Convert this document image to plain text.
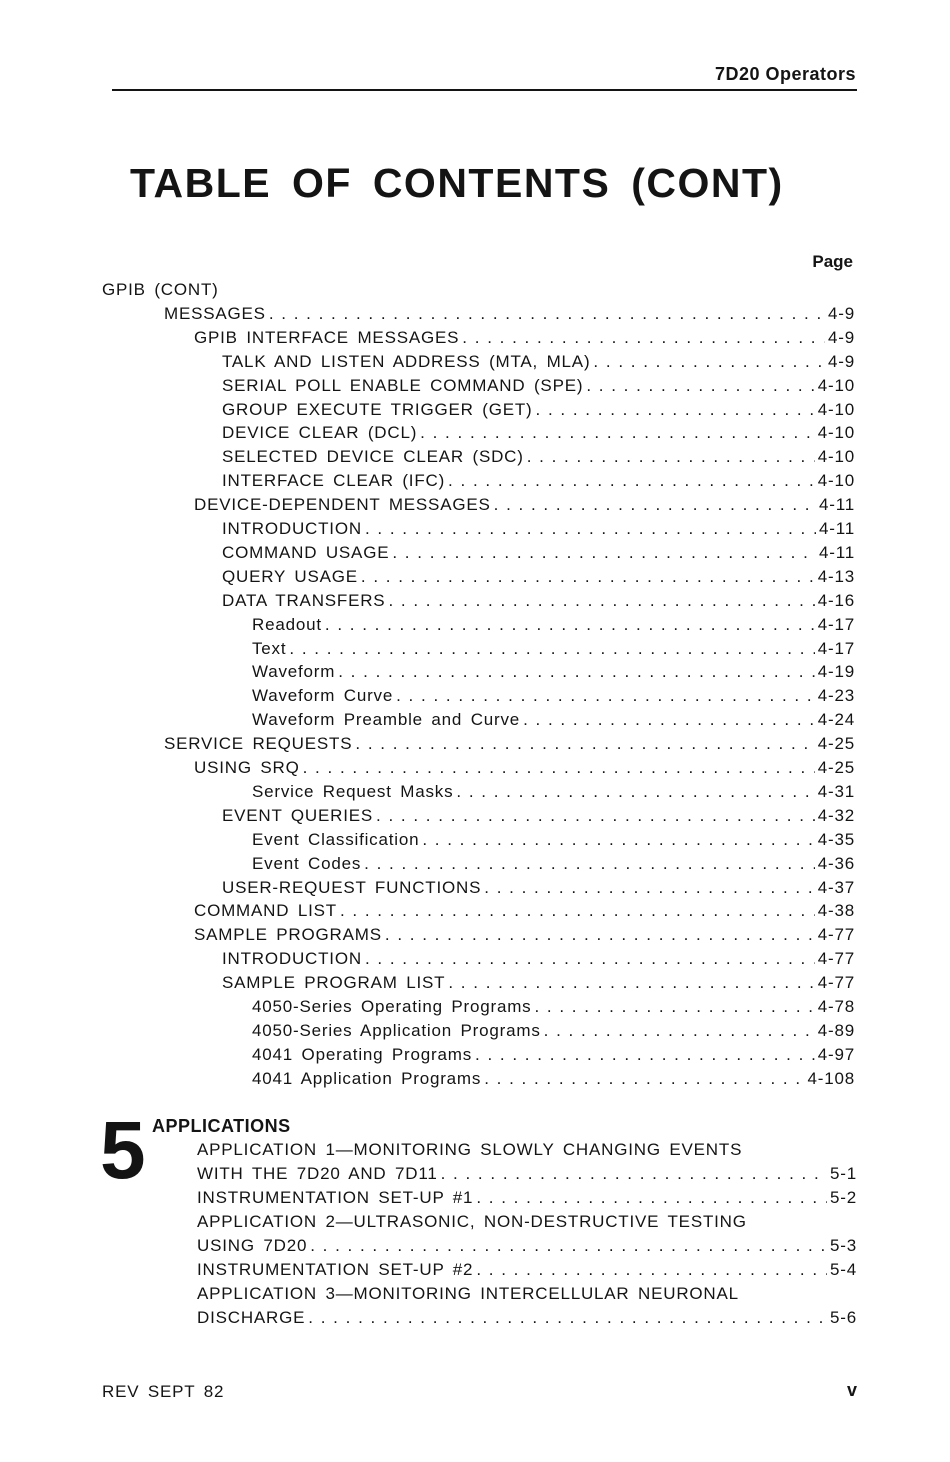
7D20 Operators
TABLE OF CONTENTS (CONT)
Page
GPIB (CONT)
MESSAGES . . .	4-9
GPIB INTERFACE MESSAGES . . .	4-9
TALK AND LISTEN ADDRESS (MTA, MLA) . . .	4-9
SERIAL POLL ENABLE COMMAND (SPE) . . .	4-10
GROUP EXECUTE TRIGGER (GET) . . .	4-10
DEVICE CLEAR (DCL) . . .	4-10
SELECTED DEVICE CLEAR (SDC) . . .	4-10
INTERFACE CLEAR (IFC) . . .	4-10
DEVICE-DEPENDENT MESSAGES . . .	4-11
INTRODUCTION . . .	4-11
COMMAND USAGE . . .	4-11
QUERY USAGE . . .	4-13
DATA TRANSFERS . . .	4-16
Readout . . .	4-17
Text . . .	4-17
Waveform . . .	4-19
Waveform Curve . . .	4-23
Waveform Preamble and Curve . . .	4-24
SERVICE REQUESTS . . .	4-25
USING SRQ . . .	4-25
Service Request Masks . . .	4-31
EVENT QUERIES . . .	4-32
Event Classification . . .	4-35
Event Codes . . .	4-36
USER-REQUEST FUNCTIONS . . .	4-37
COMMAND LIST . . .	4-38
SAMPLE PROGRAMS . . .	4-77
INTRODUCTION . . .	4-77
SAMPLE PROGRAM LIST . . .	4-77
4050-Series Operating Programs . . .	4-78
4050-Series Application Programs . . .	4-89
4041 Operating Programs . . .	4-97
4041 Application Programs . . .	4-108
5 APPLICATIONS
APPLICATION 1—MONITORING SLOWLY CHANGING EVENTS
WITH THE 7D20 AND 7D11 . . .	5-1
INSTRUMENTATION SET-UP #1 . . .	5-2
APPLICATION 2—ULTRASONIC, NON-DESTRUCTIVE TESTING
USING 7D20 . . .	5-3
INSTRUMENTATION SET-UP #2 . . .	5-4
APPLICATION 3—MONITORING INTERCELLULAR NEURONAL
DISCHARGE . . .	5-6
REV SEPT 82	v
